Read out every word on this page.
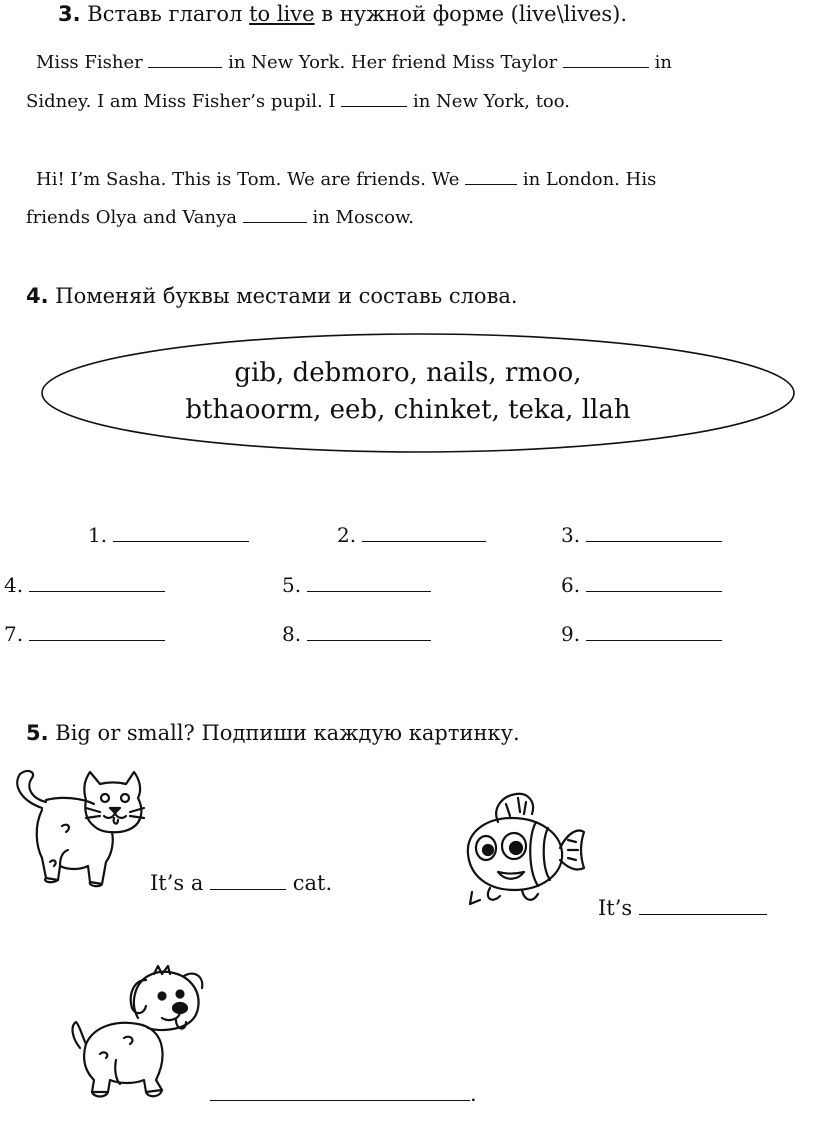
3. Вставь глагол to live в нужной форме (live\lives).
Miss Fisher	in New York. Her friend Miss Taylor	in
Sidney. I am Miss Fisher’s pupil. I	in New York, too.
Hi! I’m Sasha. This is Tom. We are friends. We	in London. His
friends Olya and Vanya	in Moscow.
4. Поменяй буквы местами и составь слова.
gib, debmoro, nails, rmoo,
bthaoorm, eeb, chinket, teka, llah
1.	2.	3.
4.	5.	6.
7.	8.	9.
5. Big or small? Подпиши каждую картинку.
It’s a	cat.
It’s
.
